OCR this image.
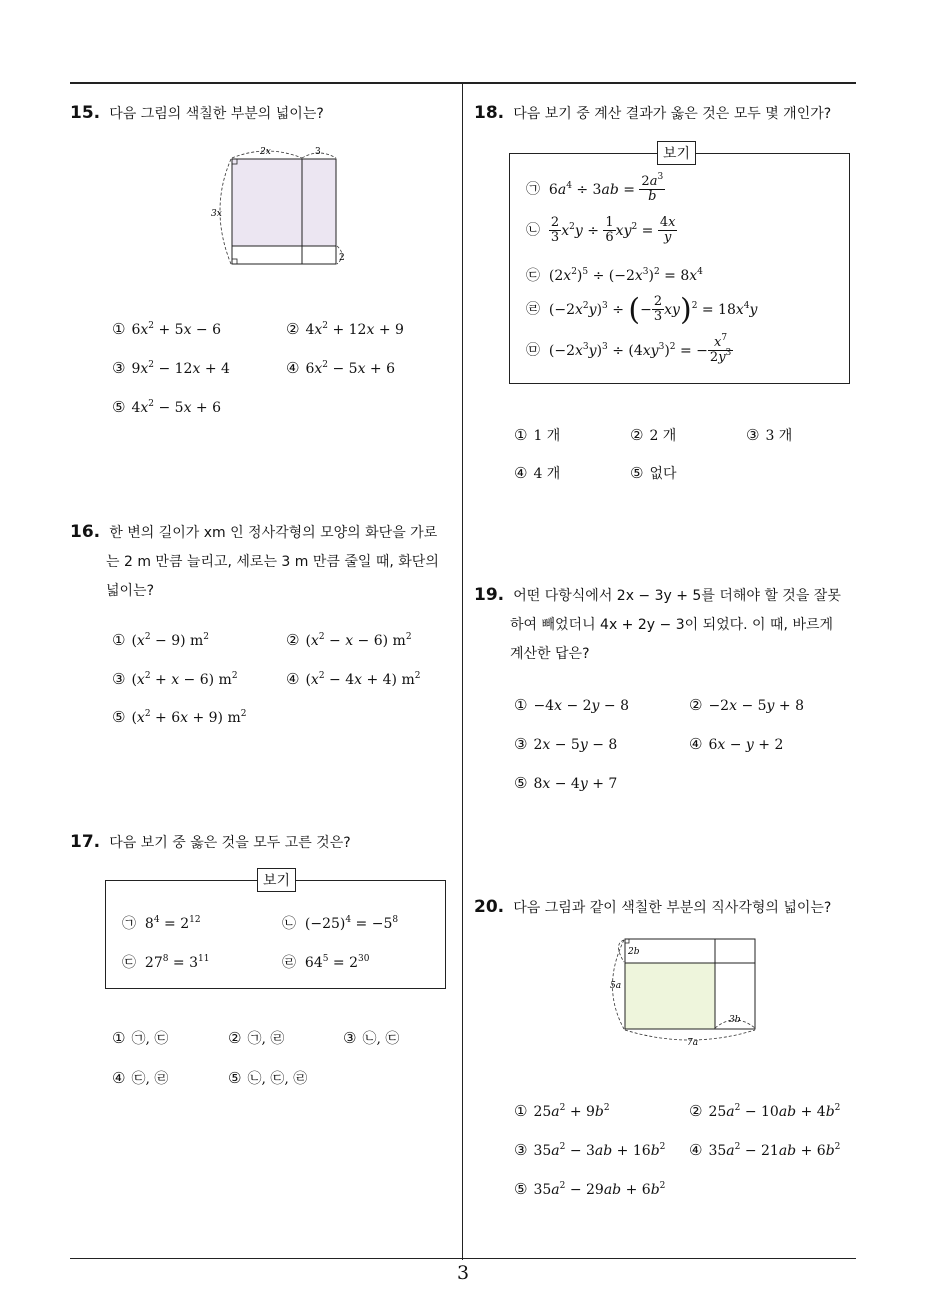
15. 다음 그림의 색칠한 부분의 넓이는?
2x	3
3x
2
① $6x^2 + 5x - 6$	② $4x^2 + 12x + 9$
③ $9x^2 - 12x + 4$	④ $6x^2 - 5x + 6$
⑤ $4x^2 - 5x + 6$
16. 한 변의 길이가 xm 인 정사각형의 모양의 화단을 가로
는 2 m 만큼 늘리고, 세로는 3 m 만큼 줄일 때, 화단의
넓이는?
① $(x^2 - 9)$ $m^2$	② $(x^2 - x - 6)$ $m^2$
③ $(x^2 + x - 6)$ $m^2$	④ $(x^2 - 4x + 4)$ $m^2$
⑤ $(x^2 + 6x + 9)$ $m^2$
17. 다음 보기 중 옳은 것을 모두 고른 것은?
보기
㉠ $8^4 = 2^{12}$	㉡ $(-25)^4 = -5^8$
㉢ $27^8 = 3^{11}$	㉣ $64^5 = 2^{30}$
① ㉠, ㉢	② ㉠, ㉣	③ ㉡, ㉢
④ ㉢, ㉣	⑤ ㉡, ㉢, ㉣
18. 다음 보기 중 계산 결과가 옳은 것은 모두 몇 개인가?
보기
㉠ $6a^4 \div 3ab = \frac{2a^3}{b}$
㉡ $\frac{2}{3} x^2y \div \frac{1}{6} xy^2 = \frac{4x}{y}$
㉢ $(2x^2)^5 \div (-2x^3)^2 = 8x^4$
㉣ $(-2x^2y)^3$ ÷ (− $\frac{2}{3} xy)^2 = 18x^4y$
㉤ $(-2x^3y)^3 \div (4xy^3)^2$ = − $\frac{x^7}{2y^3}$
① 1 개	② 2 개	③ 3 개
④ 4 개	⑤ 없다
19. 어떤 다항식에서 2x − 3y + 5를 더해야 할 것을 잘못
하여 빼었더니 4x + 2y − 3이 되었다. 이 때, 바르게
계산한 답은?
① −4x − 2y − 8	② −2x − 5y + 8
③ 2x − 5y − 8	④ 6x − y + 2
⑤ 8x − 4y + 7
20. 다음 그림과 같이 색칠한 부분의 직사각형의 넓이는?
2b
5a
3b
7a
① $25a^2 + 9b^2$	② $25a^2 - 10ab + 4b^2$
③ $35a^2 - 3ab + 16b^2$ ④ $35a^2 - 21ab + 6b^2$
⑤ $35a^2 - 29ab + 6b^2$
3
